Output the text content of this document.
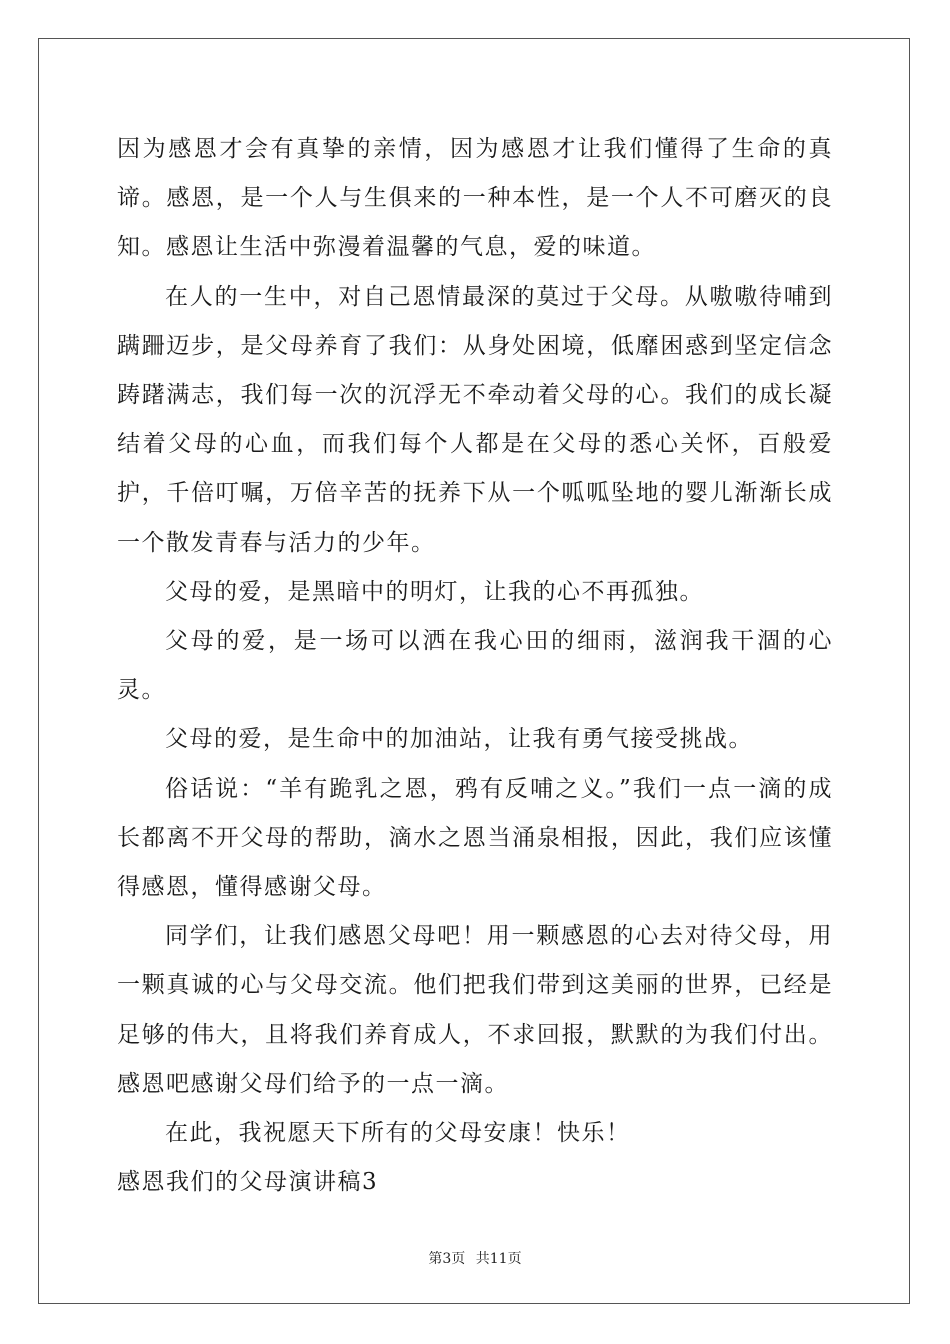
因为感恩才会有真挚的亲情，因为感恩才让我们懂得了生命的真谛。感恩，是一个人与生俱来的一种本性，是一个人不可磨灭的良知。感恩让生活中弥漫着温馨的气息，爱的味道。

在人的一生中，对自己恩情最深的莫过于父母。从嗷嗷待哺到蹒跚迈步，是父母养育了我们：从身处困境，低靡困惑到坚定信念踌躇满志，我们每一次的沉浮无不牵动着父母的心。我们的成长凝结着父母的心血，而我们每个人都是在父母的悉心关怀，百般爱护，千倍叮嘱，万倍辛苦的抚养下从一个呱呱坠地的婴儿渐渐长成一个散发青春与活力的少年。

父母的爱，是黑暗中的明灯，让我的心不再孤独。

父母的爱，是一场可以洒在我心田的细雨，滋润我干涸的心灵。

父母的爱，是生命中的加油站，让我有勇气接受挑战。

俗话说：“羊有跪乳之恩，鸦有反哺之义。”我们一点一滴的成长都离不开父母的帮助，滴水之恩当涌泉相报，因此，我们应该懂得感恩，懂得感谢父母。

同学们，让我们感恩父母吧！用一颗感恩的心去对待父母，用一颗真诚的心与父母交流。他们把我们带到这美丽的世界，已经是足够的伟大，且将我们养育成人，不求回报，默默的为我们付出。感恩吧感谢父母们给予的一点一滴。

在此，我祝愿天下所有的父母安康！快乐！

感恩我们的父母演讲稿3

第3页 共11页
